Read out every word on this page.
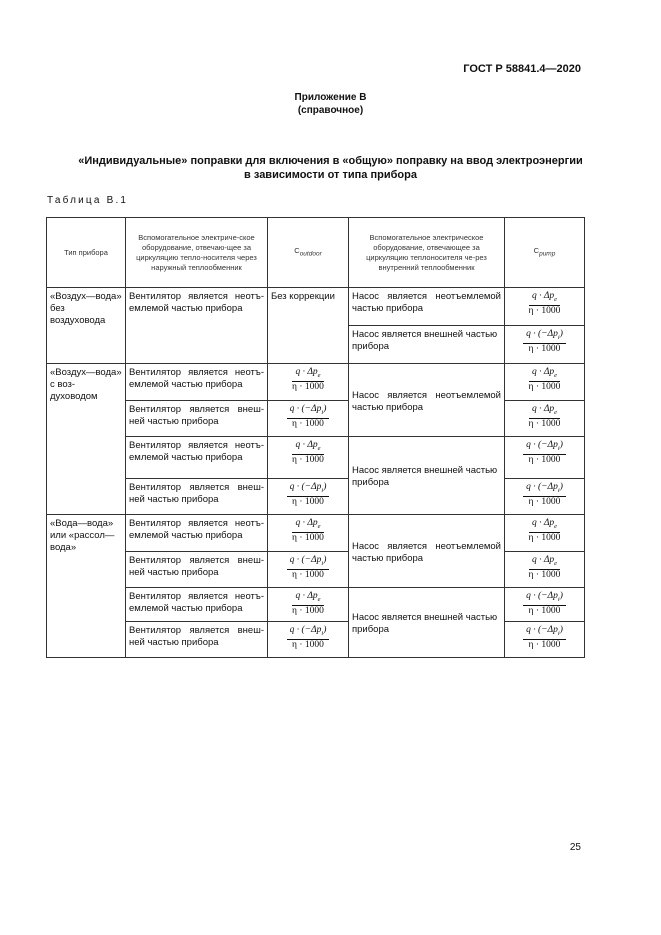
ГОСТ Р 58841.4—2020
Приложение В
(справочное)
«Индивидуальные» поправки для включения в «общую» поправку на ввод электроэнергии
в зависимости от типа прибора
Таблица В.1
Тип прибора	Вспомогательное электриче-ское оборудование, отвечаю-щее за циркуляцию тепло-носителя через наружный теплообменник	$C_{outdoor}$	Вспомогательное электрическое оборудование, отвечающее за циркуляцию теплоносителя че-рез внутренний теплообменник	$C_{pump}$
«Воздух—вода» без воздуховода	Вентилятор является неотъ-емлемой частью прибора	Без коррекции	Насос является неотъемлемой частью прибора	$\frac{q \cdot \Delta p_e}{\eta \cdot 1000}$

			Насос является внешней частью прибора	$\frac{q \cdot (-\Delta p_i)}{\eta \cdot 1000}$

«Воздух—вода» с воз-духоводом	Вентилятор является неотъ-емлемой частью прибора	$\frac{q \cdot \Delta p_e}{\eta \cdot 1000}$	Насос является неотъемлемой частью прибора	$\frac{q \cdot \Delta p_e}{\eta \cdot 1000}$

	Вентилятор является внеш-ней частью прибора	$\frac{q \cdot (-\Delta p_i)}{\eta \cdot 1000}$		$\frac{q \cdot \Delta p_e}{\eta \cdot 1000}$

	Вентилятор является неотъ-емлемой частью прибора	$\frac{q \cdot \Delta p_e}{\eta \cdot 1000}$	Насос является внешней частью прибора	$\frac{q \cdot (-\Delta p_i)}{\eta \cdot 1000}$

	Вентилятор является внеш-ней частью прибора	$\frac{q \cdot (-\Delta p_i)}{\eta \cdot 1000}$		$\frac{q \cdot (-\Delta p_i)}{\eta \cdot 1000}$

«Вода—вода» или «рассол—вода»	Вентилятор является неотъ-емлемой частью прибора	$\frac{q \cdot \Delta p_e}{\eta \cdot 1000}$	Насос является неотъемлемой частью прибора	$\frac{q \cdot \Delta p_e}{\eta \cdot 1000}$

	Вентилятор является внеш-ней частью прибора	$\frac{q \cdot (-\Delta p_i)}{\eta \cdot 1000}$		$\frac{q \cdot \Delta p_e}{\eta \cdot 1000}$

	Вентилятор является неотъ-емлемой частью прибора	$\frac{q \cdot \Delta p_e}{\eta \cdot 1000}$	Насос является внешней частью прибора	$\frac{q \cdot (-\Delta p_i)}{\eta \cdot 1000}$

	Вентилятор является внеш-ней частью прибора	$\frac{q \cdot (-\Delta p_i)}{\eta \cdot 1000}$		$\frac{q \cdot (-\Delta p_i)}{\eta \cdot 1000}$
25
